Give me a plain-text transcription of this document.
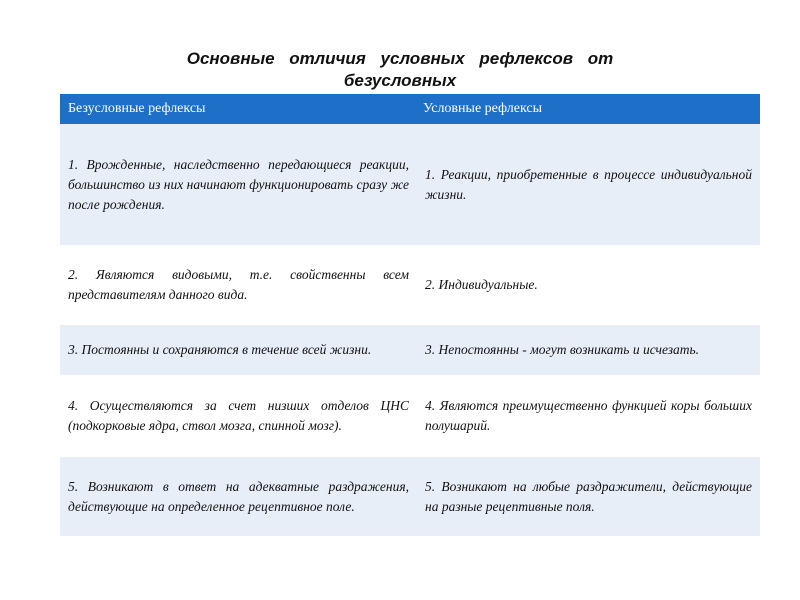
Основные отличия условных рефлексов от
безусловных
Безусловные рефлексы	Условные рефлексы

1. Врожденные, наследственно передающиеся реакции, большинство из них начинают функционировать сразу же после рождения.	1. Реакции, приобретенные в процессе индивидуальной жизни.

2. Являются видовыми, т.е. свойственны всем представителям данного вида.	2. Индивидуальные.

3. Постоянны и сохраняются в течение всей жизни.	3. Непостоянны - могут возникать и исчезать.

4. Осуществляются за счет низших отделов ЦНС (подкорковые ядра, ствол мозга, спинной мозг).	4. Являются преимущественно функцией коры больших полушарий.

5. Возникают в ответ на адекватные раздражения, действующие на определенное рецептивное поле.	5. Возникают на любые раздражители, действующие на разные рецептивные поля.
